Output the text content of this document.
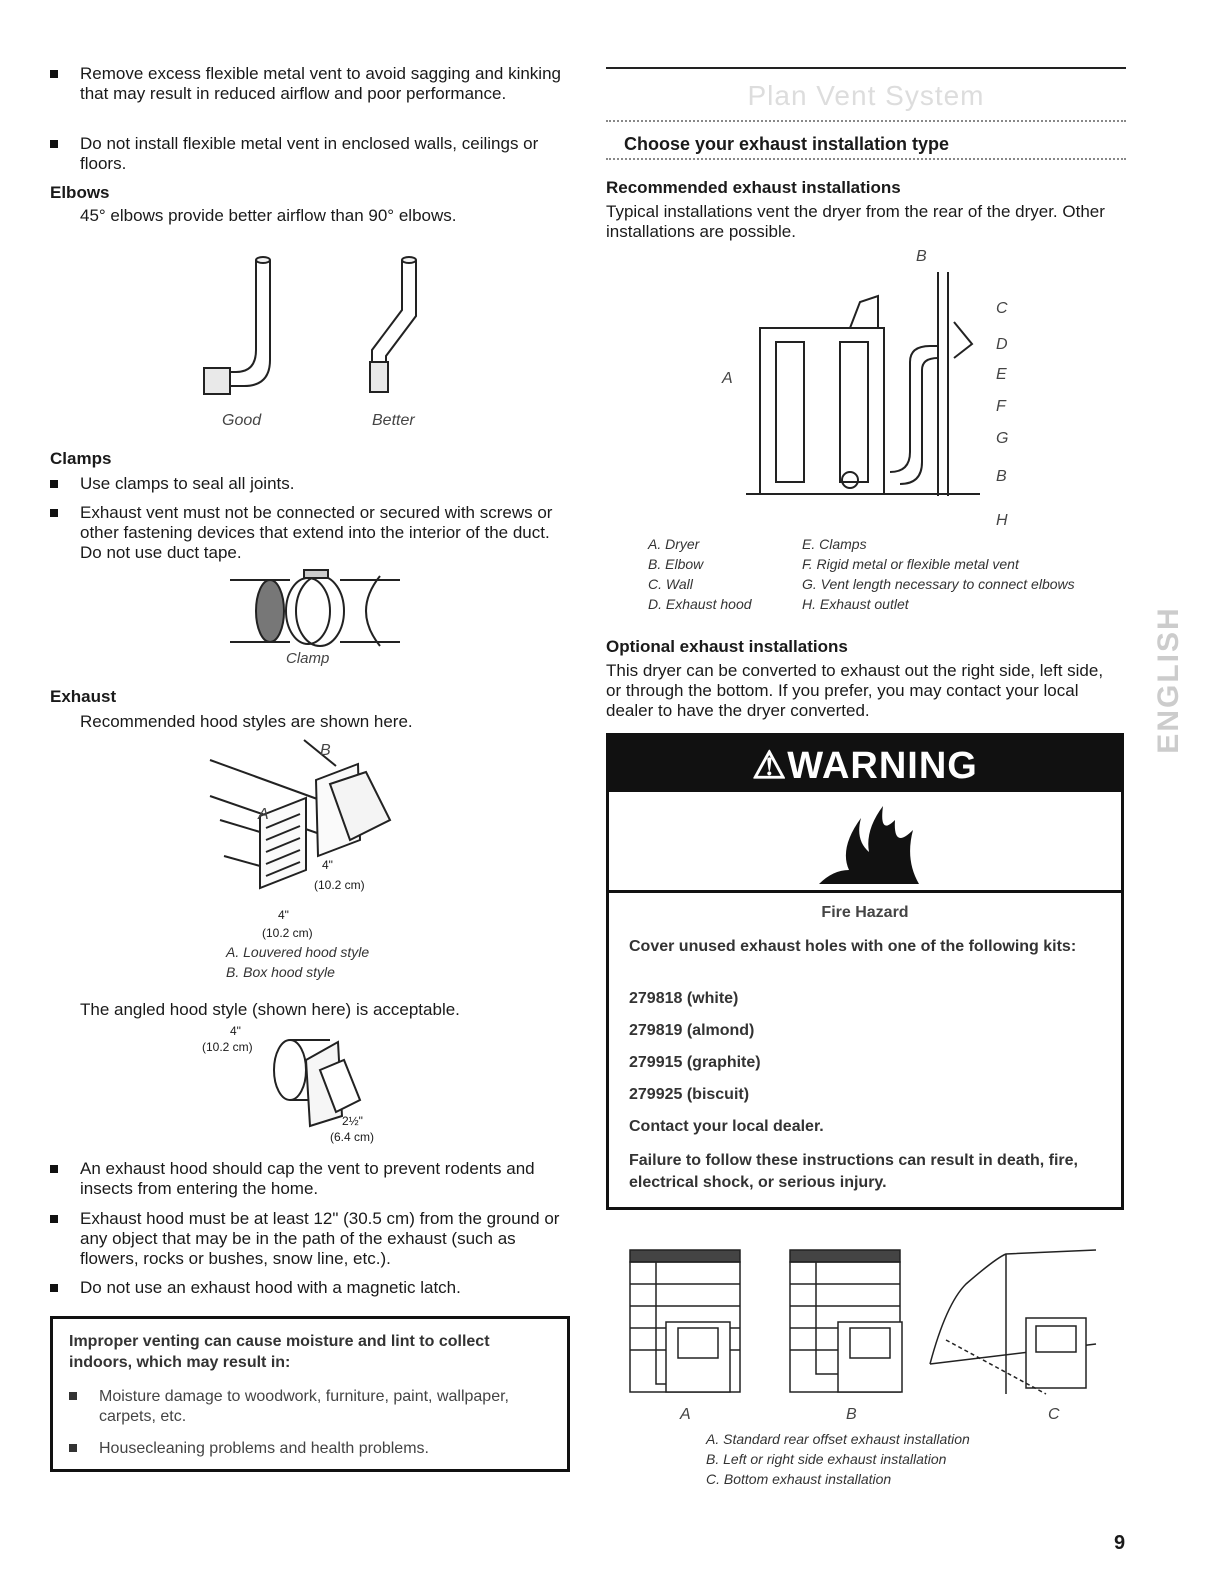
Remove excess flexible metal vent to avoid sagging and kinking that may result in reduced airflow and poor performance.
Do not install flexible metal vent in enclosed walls, ceilings or floors.
Elbows
45° elbows provide better airflow than 90° elbows.
Good	Better
Clamps
Use clamps to seal all joints.
Exhaust vent must not be connected or secured with screws or other fastening devices that extend into the interior of the duct. Do not use duct tape.
Clamp
Exhaust
Recommended hood styles are shown here.
B
A
4"
(10.2 cm)
4"
(10.2 cm)
A. Louvered hood style
B. Box hood style
The angled hood style (shown here) is acceptable.
4"
(10.2 cm)
2½"
(6.4 cm)
An exhaust hood should cap the vent to prevent rodents and insects from entering the home.
Exhaust hood must be at least 12" (30.5 cm) from the ground or any object that may be in the path of the exhaust (such as flowers, rocks or bushes, snow line, etc.).
Do not use an exhaust hood with a magnetic latch.
Improper venting can cause moisture and lint to collect indoors, which may result in:
Moisture damage to woodwork, furniture, paint, wallpaper, carpets, etc.
Housecleaning problems and health problems.
Plan Vent System
Choose your exhaust installation type
Recommended exhaust installations
Typical installations vent the dryer from the rear of the dryer. Other installations are possible.
B
C
D
E
F
G
B
H
A
A. Dryer
B. Elbow
C. Wall
D. Exhaust hood
E. Clamps
F. Rigid metal or flexible metal vent
G. Vent length necessary to connect elbows
H. Exhaust outlet
Optional exhaust installations
This dryer can be converted to exhaust out the right side, left side, or through the bottom. If you prefer, you may contact your local dealer to have the dryer converted.
⚠WARNING
Fire Hazard
Cover unused exhaust holes with one of the following kits:
279818 (white)
279819 (almond)
279915 (graphite)
279925 (biscuit)
Contact your local dealer.
Failure to follow these instructions can result in death, fire, electrical shock, or serious injury.
A	B	C
A. Standard rear offset exhaust installation
B. Left or right side exhaust installation
C. Bottom exhaust installation
ENGLISH
9
